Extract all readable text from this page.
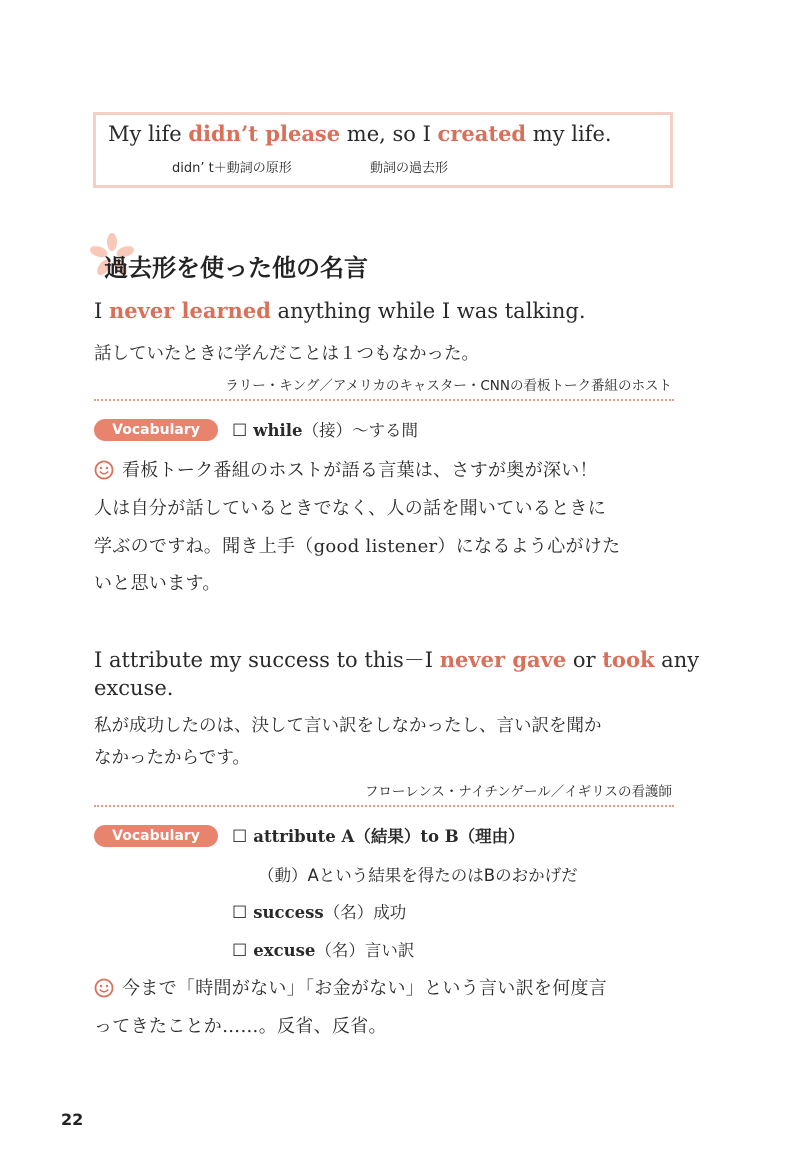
My life didn’t please me, so I created my life.
didn’ t＋動詞の原形	動詞の過去形
過去形を使った他の名言
I never learned anything while I was talking.
話していたときに学んだことは１つもなかった。
ラリー・キング／アメリカのキャスター・CNNの看板トーク番組のホスト
Vocabulary	☐ while（接）～する間
看板トーク番組のホストが語る言葉は、さすが奥が深い！
人は自分が話しているときでなく、人の話を聞いているときに
学ぶのですね。聞き上手（good listener）になるよう心がけた
いと思います。
I attribute my success to this－I never gave or took any
excuse.
私が成功したのは、決して言い訳をしなかったし、言い訳を聞か
なかったからです。
フローレンス・ナイチンゲール／イギリスの看護師
Vocabulary	☐ attribute A（結果）to B（理由）
（動）Aという結果を得たのはBのおかげだ
☐ success（名）成功
☐ excuse（名）言い訳
今まで「時間がない」「お金がない」という言い訳を何度言
ってきたことか……。反省、反省。
22
